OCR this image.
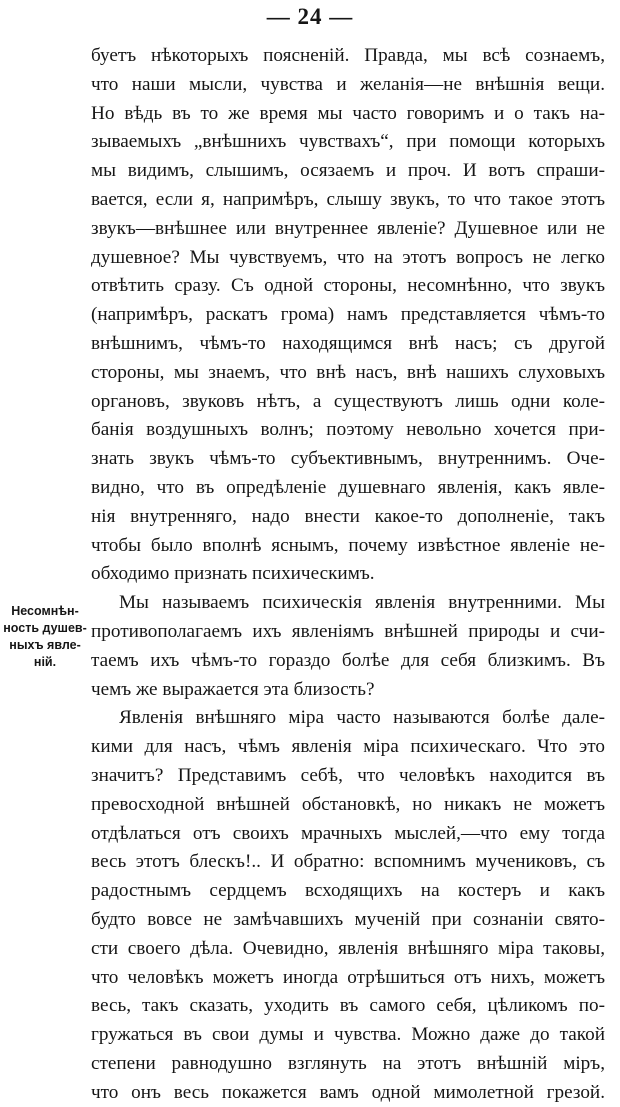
— 24 —
Несомнѣн-
ность душев-
ныхъ явле-
ній.
буетъ нѣкоторыхъ поясненій. Правда, мы всѣ сознаемъ,
что наши мысли, чувства и желанія—не внѣшнія вещи.
Но вѣдь въ то же время мы часто говоримъ и о такъ на-
зываемыхъ „внѣшнихъ чувствахъ“, при помощи которыхъ
мы видимъ, слышимъ, осязаемъ и проч. И вотъ спраши-
вается, если я, напримѣръ, слышу звукъ, то что такое этотъ
звукъ—внѣшнее или внутреннее явленіе? Душевное или не
душевное? Мы чувствуемъ, что на этотъ вопросъ не легко
отвѣтить сразу. Съ одной стороны, несомнѣнно, что звукъ
(напримѣръ, раскатъ грома) намъ представляется чѣмъ-то
внѣшнимъ, чѣмъ-то находящимся внѣ насъ; съ другой
стороны, мы знаемъ, что внѣ насъ, внѣ нашихъ слуховыхъ
органовъ, звуковъ нѣтъ, а существуютъ лишь одни коле-
банія воздушныхъ волнъ; поэтому невольно хочется при-
знать звукъ чѣмъ-то субъективнымъ, внутреннимъ. Оче-
видно, что въ опредѣленіе душевнаго явленія, какъ явле-
нія внутренняго, надо внести какое-то дополненіе, такъ
чтобы было вполнѣ яснымъ, почему извѣстное явленіе не-
обходимо признать психическимъ.
Мы называемъ психическія явленія внутренними. Мы
противополагаемъ ихъ явленіямъ внѣшней природы и счи-
таемъ ихъ чѣмъ-то гораздо болѣе для себя близкимъ. Въ
чемъ же выражается эта близость?
Явленія внѣшняго міра часто называются болѣе дале-
кими для насъ, чѣмъ явленія міра психическаго. Что это
значитъ? Представимъ себѣ, что человѣкъ находится въ
превосходной внѣшней обстановкѣ, но никакъ не можетъ
отдѣлаться отъ своихъ мрачныхъ мыслей,—что ему тогда
весь этотъ блескъ!.. И обратно: вспомнимъ мучениковъ, съ
радостнымъ сердцемъ всходящихъ на костеръ и какъ
будто вовсе не замѣчавшихъ мученій при сознаніи свято-
сти своего дѣла. Очевидно, явленія внѣшняго міра таковы,
что человѣкъ можетъ иногда отрѣшиться отъ нихъ, можетъ
весь, такъ сказать, уходить въ самого себя, цѣликомъ по-
гружаться въ свои думы и чувства. Можно даже до такой
степени равнодушно взглянуть на этотъ внѣшній міръ,
что онъ весь покажется вамъ одной мимолетной грезой.
